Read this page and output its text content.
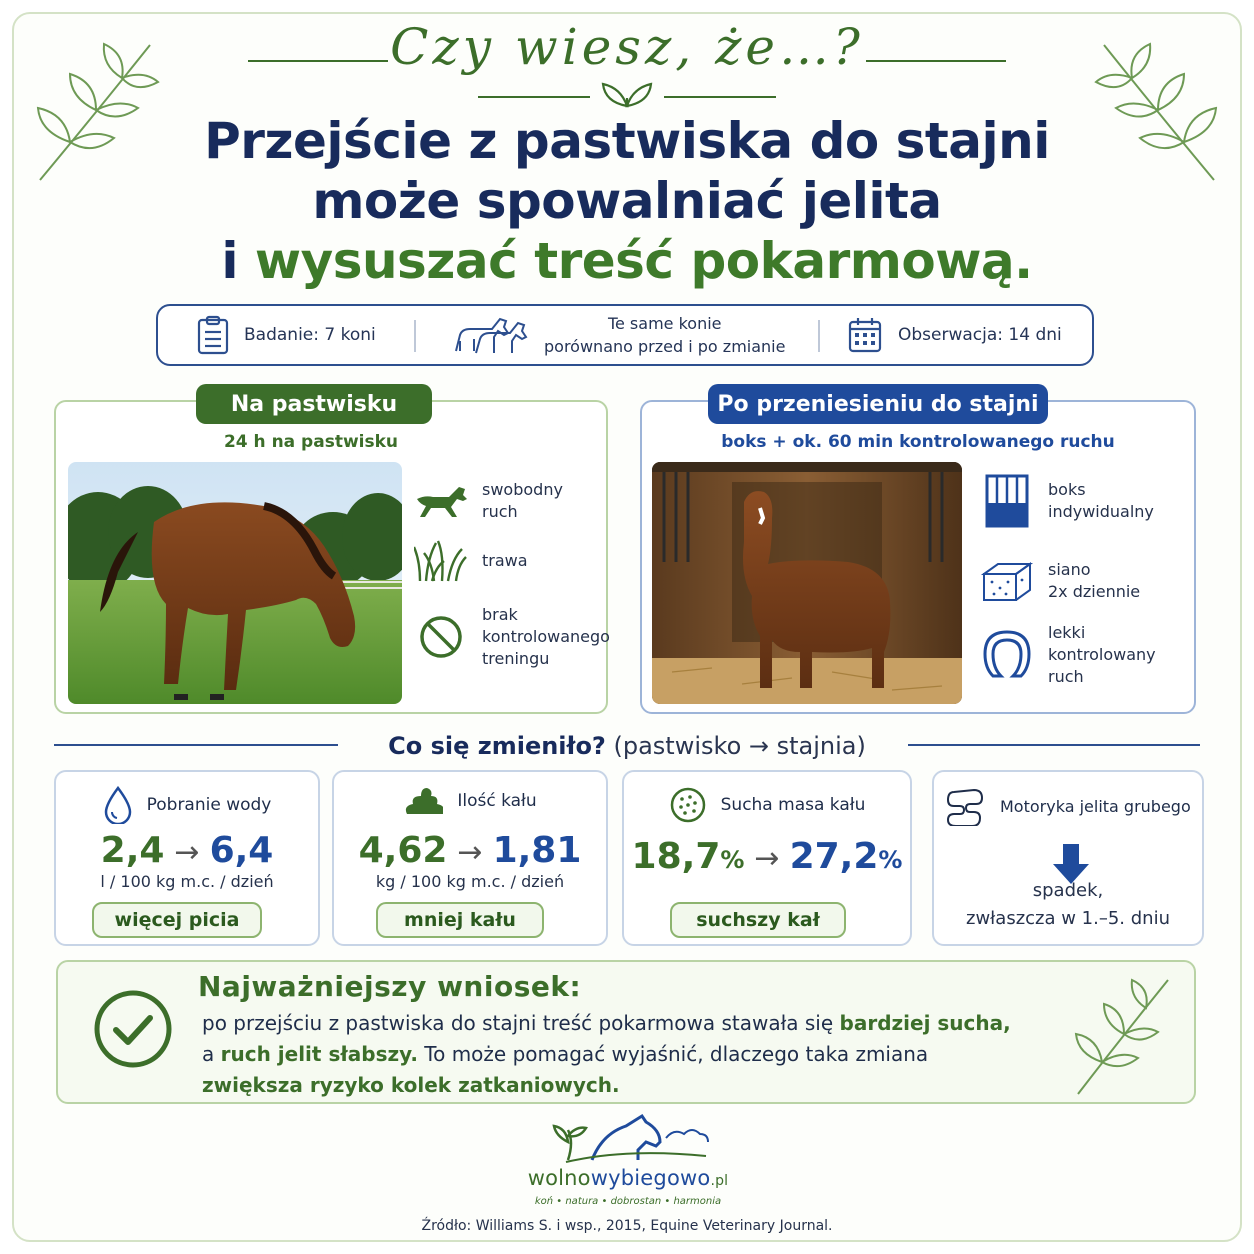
Czy wiesz, że…?
Przejście z pastwiska do stajni
może spowalniać jelita
i wysuszać treść pokarmową.
Badanie: 7 koni
Te same konie
porównano przed i po zmianie
Obserwacja: 14 dni
Na pastwisku
24 h na pastwisku
swobodny
ruch
trawa
brak
kontrolowanego
treningu
Po przeniesieniu do stajni
boks + ok. 60 min kontrolowanego ruchu
boks
indywidualny
siano
2x dziennie
lekki
kontrolowany
ruch
Co się zmieniło? (pastwisko → stajnia)
Pobranie wody
2,4 → 6,4
l / 100 kg m.c. / dzień
więcej picia
Ilość kału
4,62 → 1,81
kg / 100 kg m.c. / dzień
mniej kału
Sucha masa kału
18,7% → 27,2%
suchszy kał
Motoryka jelita grubego
spadek,
zwłaszcza w 1.–5. dniu
Najważniejszy wniosek:
po przejściu z pastwiska do stajni treść pokarmowa stawała się bardziej sucha,
a ruch jelit słabszy. To może pomagać wyjaśnić, dlaczego taka zmiana
zwiększa ryzyko kolek zatkaniowych.
wolnowybiegowo.pl
koń • natura • dobrostan • harmonia
Źródło: Williams S. i wsp., 2015, Equine Veterinary Journal.
